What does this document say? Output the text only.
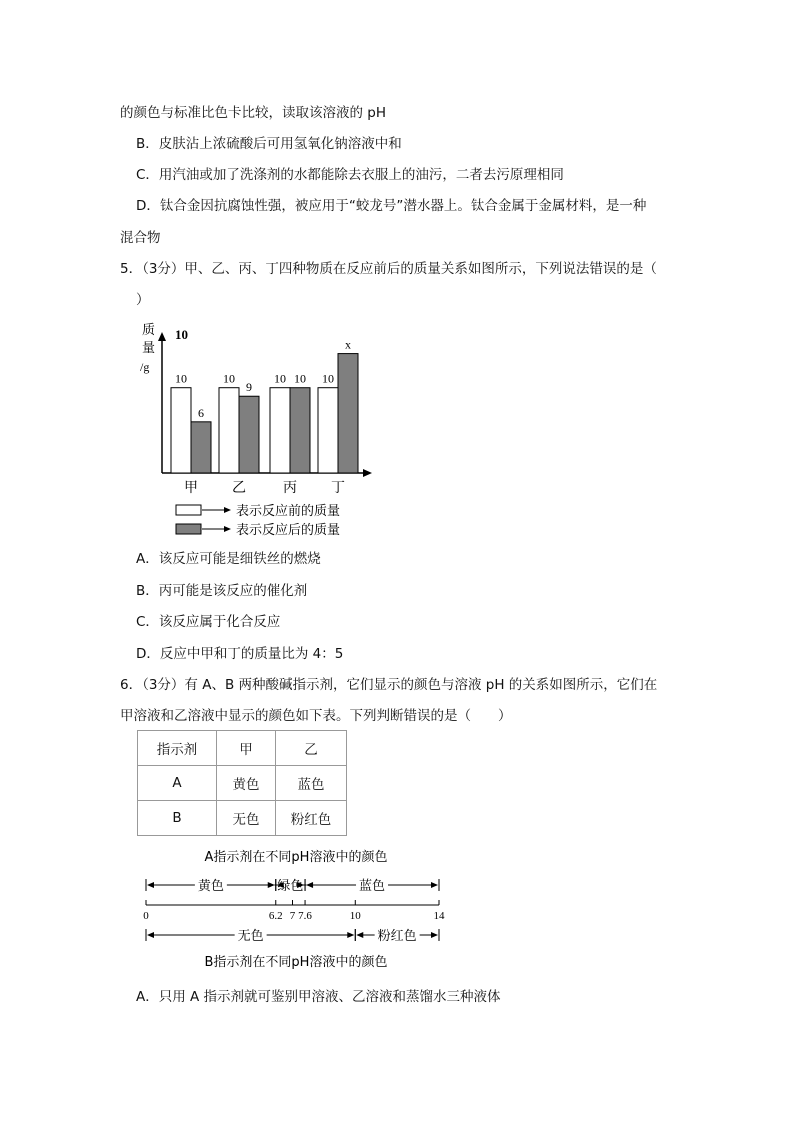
的颜色与标准比色卡比较，读取该溶液的 pH
B．皮肤沾上浓硫酸后可用氢氧化钠溶液中和
C．用汽油或加了洗涤剂的水都能除去衣服上的油污，二者去污原理相同
D．钛合金因抗腐蚀性强，被应用于“蛟龙号”潜水器上。钛合金属于金属材料，是一种
混合物
5．（3分）甲、乙、丙、丁四种物质在反应前后的质量关系如图所示，下列说法错误的是（
）
质
量
/g
10
10
6
10
9
10 10 10
x
甲 乙	丙 丁
表示反应前的质量
表示反应后的质量
A．该反应可能是细铁丝的燃烧
B．丙可能是该反应的催化剂
C．该反应属于化合反应
D．反应中甲和丁的质量比为 4：5
6．（3分）有 A、B 两种酸碱指示剂，它们显示的颜色与溶液 pH 的关系如图所示，它们在
甲溶液和乙溶液中显示的颜色如下表。下列判断错误的是（　　）
指示剂	甲	乙
A	黄色	蓝色
B	无色	粉红色
A指示剂在不同pH溶液中的颜色
黄色	绿色	蓝色
0	6.2 7 7.6	10	14
无色	粉红色
B指示剂在不同pH溶液中的颜色
A．只用 A 指示剂就可鉴别甲溶液、乙溶液和蒸馏水三种液体
